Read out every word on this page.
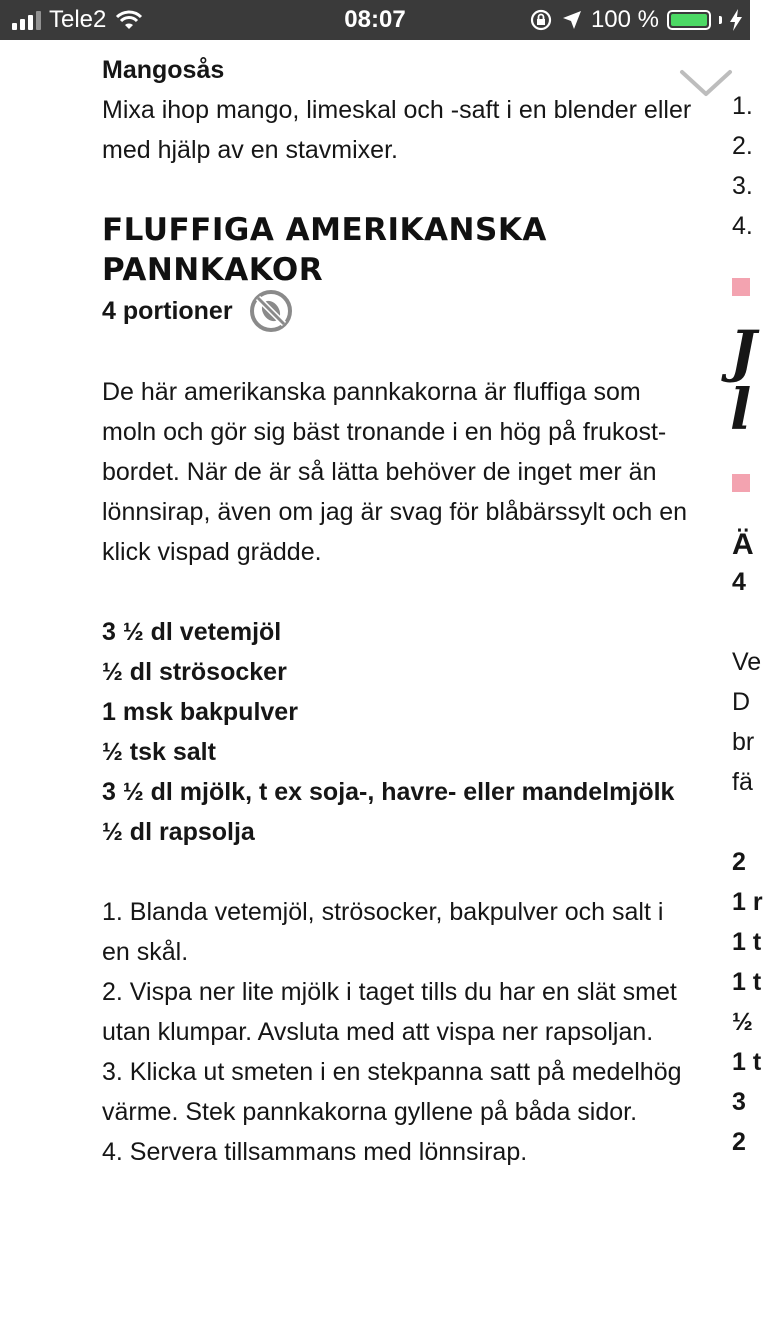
Tele2	08:07	100 %

Mangosås

Mixa ihop mango, limeskal och -saft i en blender eller med hjälp av en stavmixer.

FLUFFIGA AMERIKANSKA PANNKAKOR
4 portioner

De här amerikanska pannkakorna är fluffiga som moln och gör sig bäst tronande i en hög på frukost-bordet. När de är så lätta behöver de inget mer än lönnsirap, även om jag är svag för blåbärssylt och en klick vispad grädde.

3 ½ dl vetemjöl
½ dl strösocker
1 msk bakpulver
½ tsk salt
3 ½ dl mjölk, t ex soja-, havre- eller mandelmjölk
½ dl rapsolja
1. Blanda vetemjöl, strösocker, bakpulver och salt i en skål.
2. Vispa ner lite mjölk i taget tills du har en slät smet utan klumpar. Avsluta med att vispa ner rapsoljan.
3. Klicka ut smeten i en stekpanna satt på medelhög värme. Stek pannkakorna gyllene på båda sidor.
4. Servera tillsammans med lönnsirap.
1.
2.
3.
4.
J
l
Ä
4
Ve
D
br
fä
2
1 r
1 t
1 t
½
1 t
3
2
